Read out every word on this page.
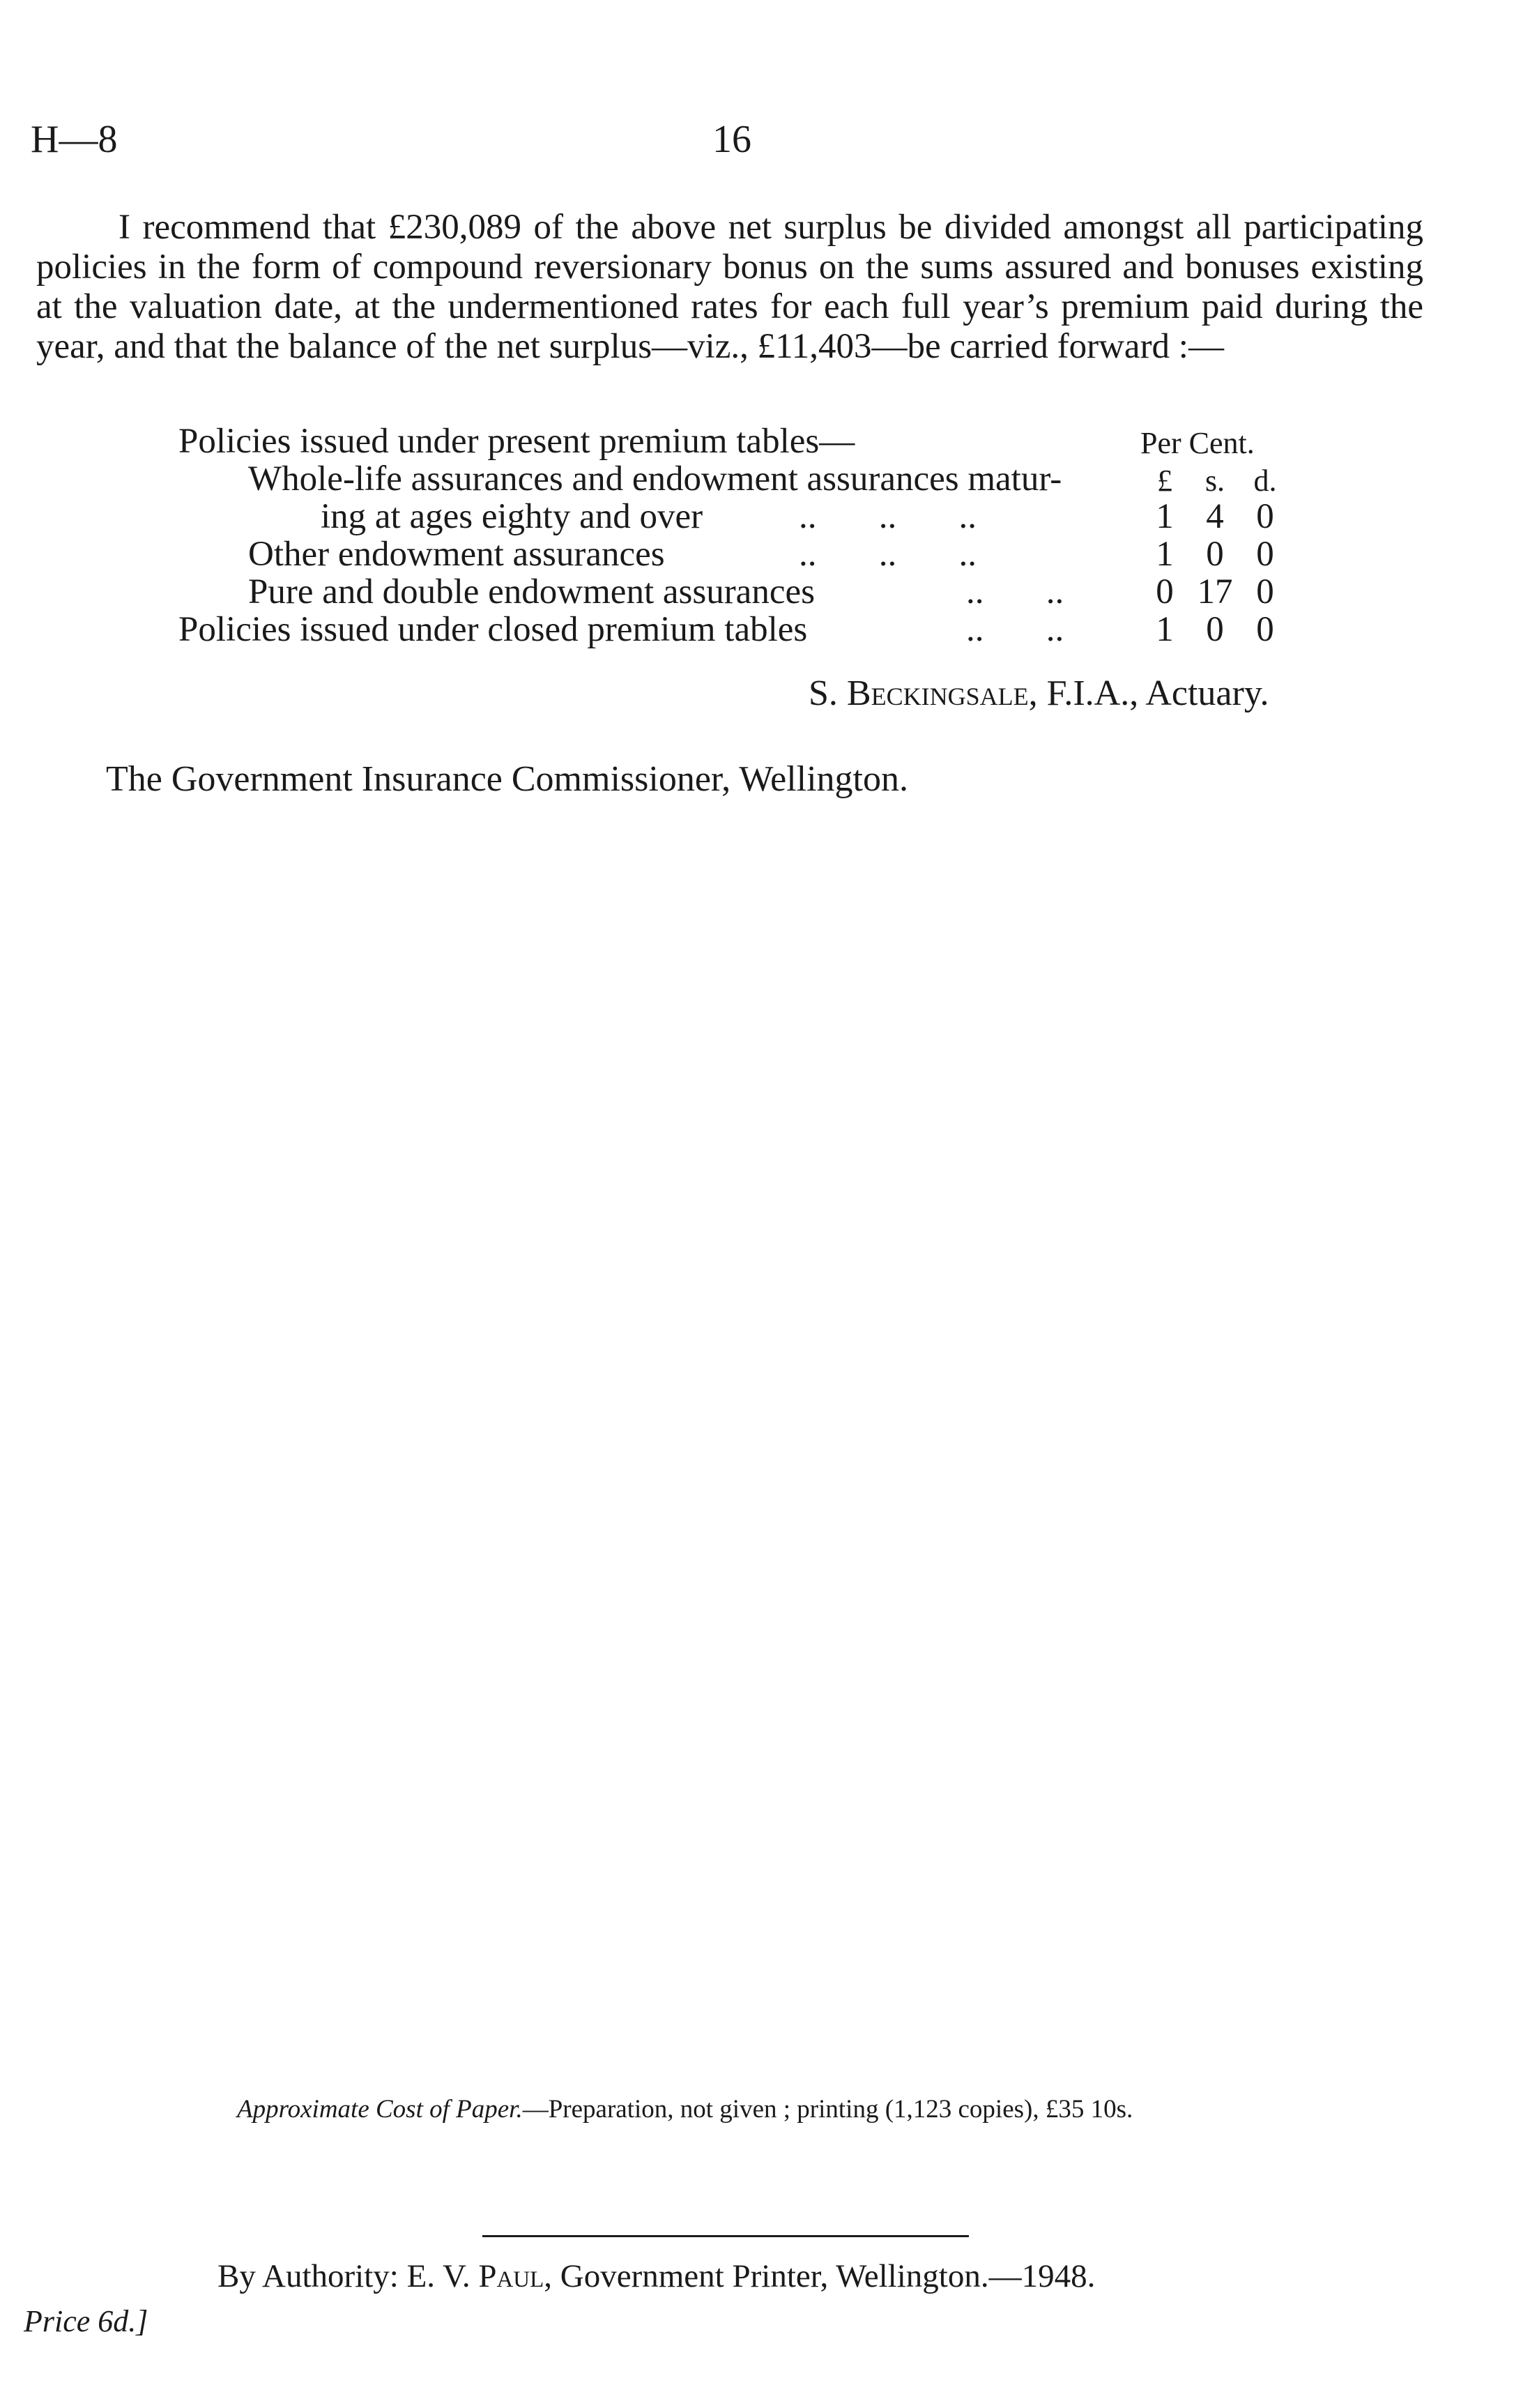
H—8	16
I recommend that £230,089 of the above net surplus be divided amongst all participating policies in the form of compound reversionary bonus on the sums assured and bonuses existing at the valuation date, at the undermentioned rates for each full year’s premium paid during the year, and that the balance of the net surplus—viz., £11,403—be carried forward :—
Policies issued under present premium tables—	Per Cent.
Whole-life assurances and endowment assurances matur-	£	s. d.
ing at ages eighty and over	..       ..       ..	1 4 0
Other endowment assurances	..       ..       ..	1 0 0
Pure and double endowment assurances	..       ..	0 17 0
Policies issued under closed premium tables	..       ..	1 0 0
S. Beckingsale, F.I.A., Actuary.
The Government Insurance Commissioner, Wellington.
Approximate Cost of Paper.—Preparation, not given ; printing (1,123 copies), £35 10s.
By Authority: E. V. Paul, Government Printer, Wellington.—1948.
Price 6d.]
